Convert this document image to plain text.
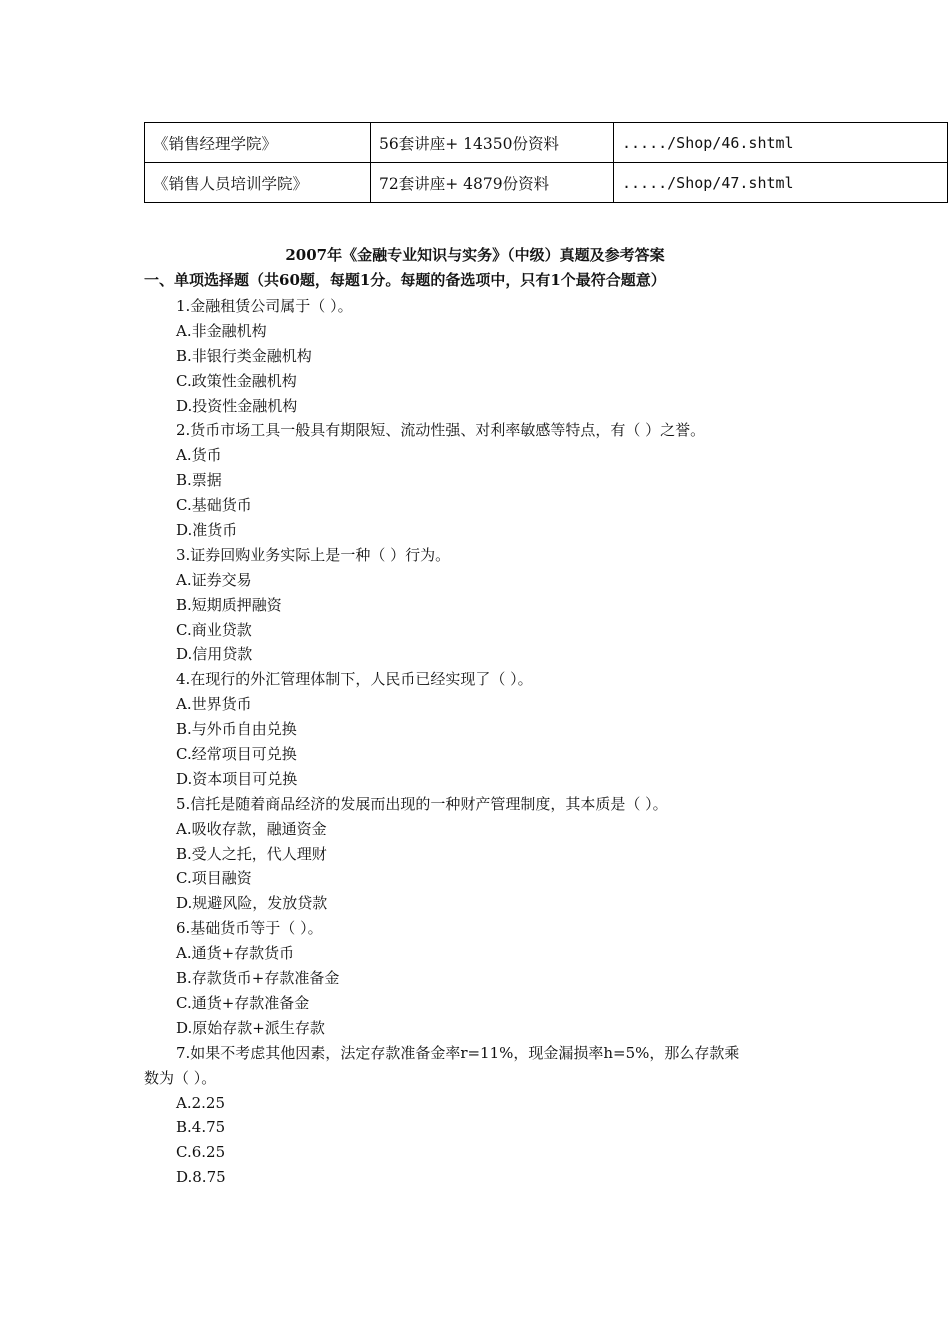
《销售经理学院》	56套讲座+ 14350份资料	...../Shop/46.shtml
《销售人员培训学院》	72套讲座+ 4879份资料	...../Shop/47.shtml
2007年《金融专业知识与实务》（中级）真题及参考答案
一、单项选择题（共60题，每题1分。每题的备选项中，只有1个最符合题意）
1.金融租赁公司属于（ ）。
A.非金融机构
B.非银行类金融机构
C.政策性金融机构
D.投资性金融机构
2.货币市场工具一般具有期限短、流动性强、对利率敏感等特点，有（ ）之誉。
A.货币
B.票据
C.基础货币
D.准货币
3.证券回购业务实际上是一种（ ）行为。
A.证券交易
B.短期质押融资
C.商业贷款
D.信用贷款
4.在现行的外汇管理体制下，人民币已经实现了（ ）。
A.世界货币
B.与外币自由兑换
C.经常项目可兑换
D.资本项目可兑换
5.信托是随着商品经济的发展而出现的一种财产管理制度，其本质是（ ）。
A.吸收存款，融通资金
B.受人之托，代人理财
C.项目融资
D.规避风险，发放贷款
6.基础货币等于（ ）。
A.通货+存款货币
B.存款货币+存款准备金
C.通货+存款准备金
D.原始存款+派生存款
7.如果不考虑其他因素，法定存款准备金率r=11%，现金漏损率h=5%，那么存款乘
数为（ ）。
A.2.25
B.4.75
C.6.25
D.8.75
